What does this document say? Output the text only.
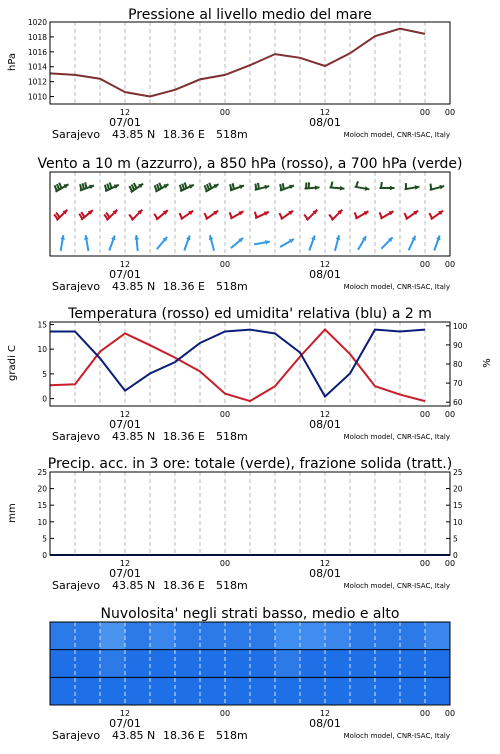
Pressione al livello medio del mare
hPa
1010
1012
1014
1016
1018
1020
12	00	12	00 00
07/01	08/01
Sarajevo 43.85 N 18.36 E 518m	Moloch model, CNR-ISAC, Italy
Vento a 10 m (azzurro), a 850 hPa (rosso), a 700 hPa (verde)
12	00	12	00 00
07/01	08/01
Sarajevo 43.85 N 18.36 E 518m	Moloch model, CNR-ISAC, Italy
Temperatura (rosso) ed umidita' relativa (blu) a 2 m
gradi C	%
0
5
10
15
60
70
80
90
100
12	00	12	00 00
07/01	08/01
Sarajevo 43.85 N 18.36 E 518m	Moloch model, CNR-ISAC, Italy
Precip. acc. in 3 ore: totale (verde), frazione solida (tratt.)
mm
0	0
5	5
10	10
15	15
20	20
25	25
12	00	12	00 00
07/01	08/01
Sarajevo 43.85 N 18.36 E 518m	Moloch model, CNR-ISAC, Italy
Nuvolosita' negli strati basso, medio e alto
12	00	12	00 00
07/01	08/01
Sarajevo 43.85 N 18.36 E 518m	Moloch model, CNR-ISAC, Italy
